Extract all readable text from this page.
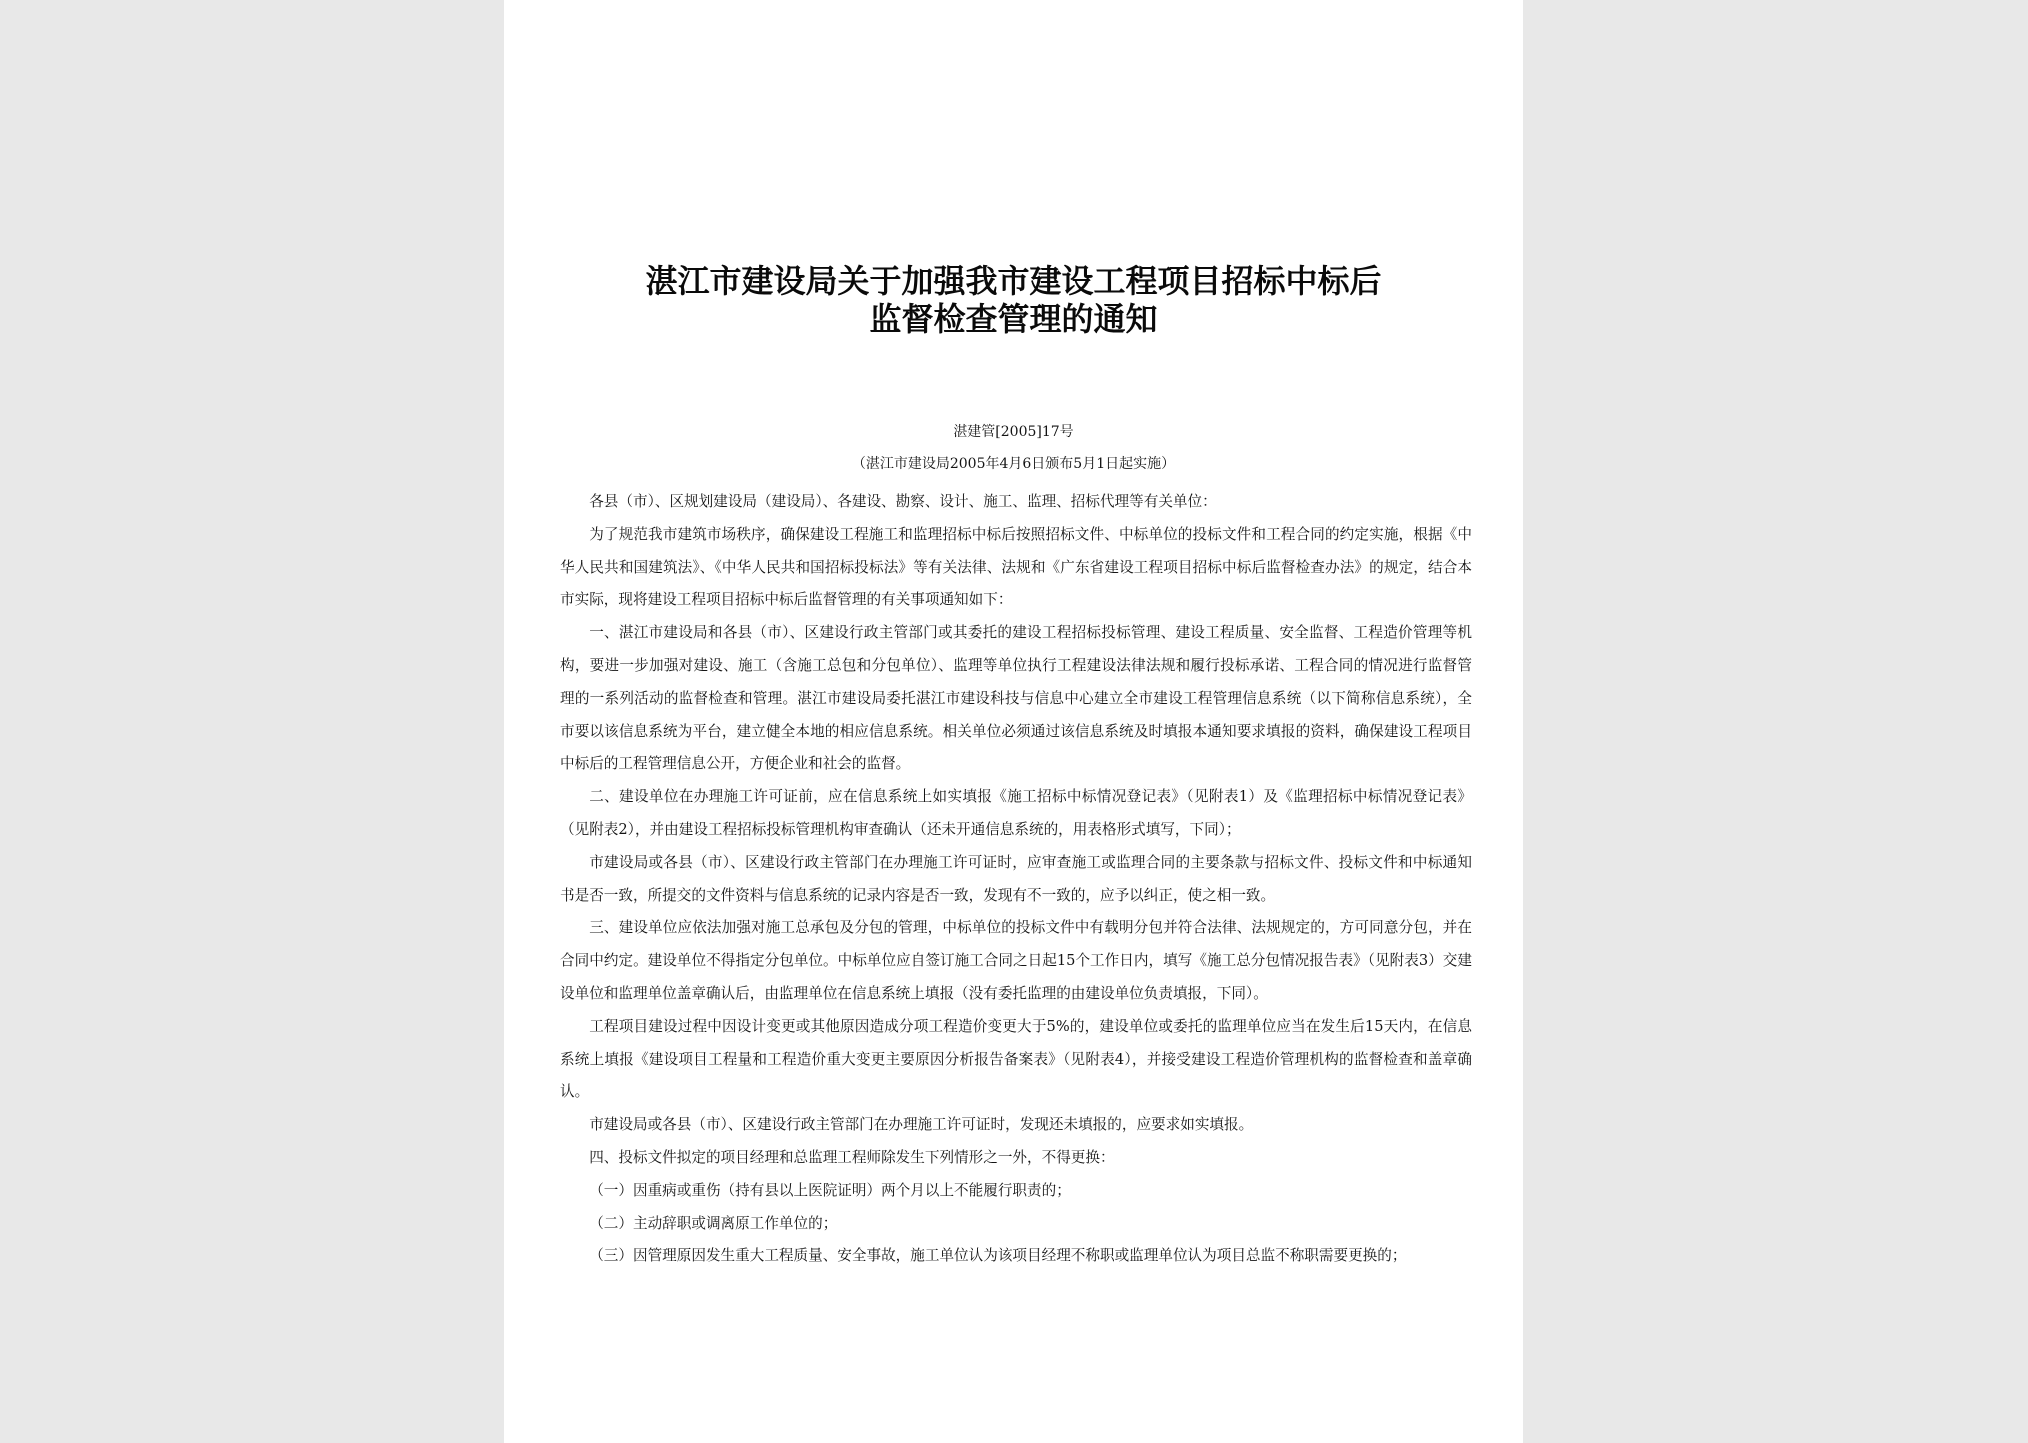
湛江市建设局关于加强我市建设工程项目招标中标后
监督检查管理的通知
湛建管[2005]17号
（湛江市建设局2005年4月6日颁布5月1日起实施）

各县（市）、区规划建设局（建设局）、各建设、勘察、设计、施工、监理、招标代理等有关单位：

为了规范我市建筑市场秩序，确保建设工程施工和监理招标中标后按照招标文件、中标单位的投标文件和工程合同的约定实施，根据《中华人民共和国建筑法》、《中华人民共和国招标投标法》等有关法律、法规和《广东省建设工程项目招标中标后监督检查办法》的规定，结合本市实际，现将建设工程项目招标中标后监督管理的有关事项通知如下：

一、湛江市建设局和各县（市）、区建设行政主管部门或其委托的建设工程招标投标管理、建设工程质量、安全监督、工程造价管理等机构，要进一步加强对建设、施工（含施工总包和分包单位）、监理等单位执行工程建设法律法规和履行投标承诺、工程合同的情况进行监督管理的一系列活动的监督检查和管理。湛江市建设局委托湛江市建设科技与信息中心建立全市建设工程管理信息系统（以下简称信息系统），全市要以该信息系统为平台，建立健全本地的相应信息系统。相关单位必须通过该信息系统及时填报本通知要求填报的资料，确保建设工程项目中标后的工程管理信息公开，方便企业和社会的监督。

二、建设单位在办理施工许可证前，应在信息系统上如实填报《施工招标中标情况登记表》（见附表1）及《监理招标中标情况登记表》（见附表2），并由建设工程招标投标管理机构审查确认（还未开通信息系统的，用表格形式填写，下同）；

市建设局或各县（市）、区建设行政主管部门在办理施工许可证时，应审查施工或监理合同的主要条款与招标文件、投标文件和中标通知书是否一致，所提交的文件资料与信息系统的记录内容是否一致，发现有不一致的，应予以纠正，使之相一致。

三、建设单位应依法加强对施工总承包及分包的管理，中标单位的投标文件中有载明分包并符合法律、法规规定的，方可同意分包，并在合同中约定。建设单位不得指定分包单位。中标单位应自签订施工合同之日起15个工作日内，填写《施工总分包情况报告表》（见附表3）交建设单位和监理单位盖章确认后，由监理单位在信息系统上填报（没有委托监理的由建设单位负责填报，下同）。

工程项目建设过程中因设计变更或其他原因造成分项工程造价变更大于5%的，建设单位或委托的监理单位应当在发生后15天内，在信息系统上填报《建设项目工程量和工程造价重大变更主要原因分析报告备案表》（见附表4），并接受建设工程造价管理机构的监督检查和盖章确认。

市建设局或各县（市）、区建设行政主管部门在办理施工许可证时，发现还未填报的，应要求如实填报。

四、投标文件拟定的项目经理和总监理工程师除发生下列情形之一外，不得更换：

（一）因重病或重伤（持有县以上医院证明）两个月以上不能履行职责的；

（二）主动辞职或调离原工作单位的；

（三）因管理原因发生重大工程质量、安全事故，施工单位认为该项目经理不称职或监理单位认为项目总监不称职需要更换的；
